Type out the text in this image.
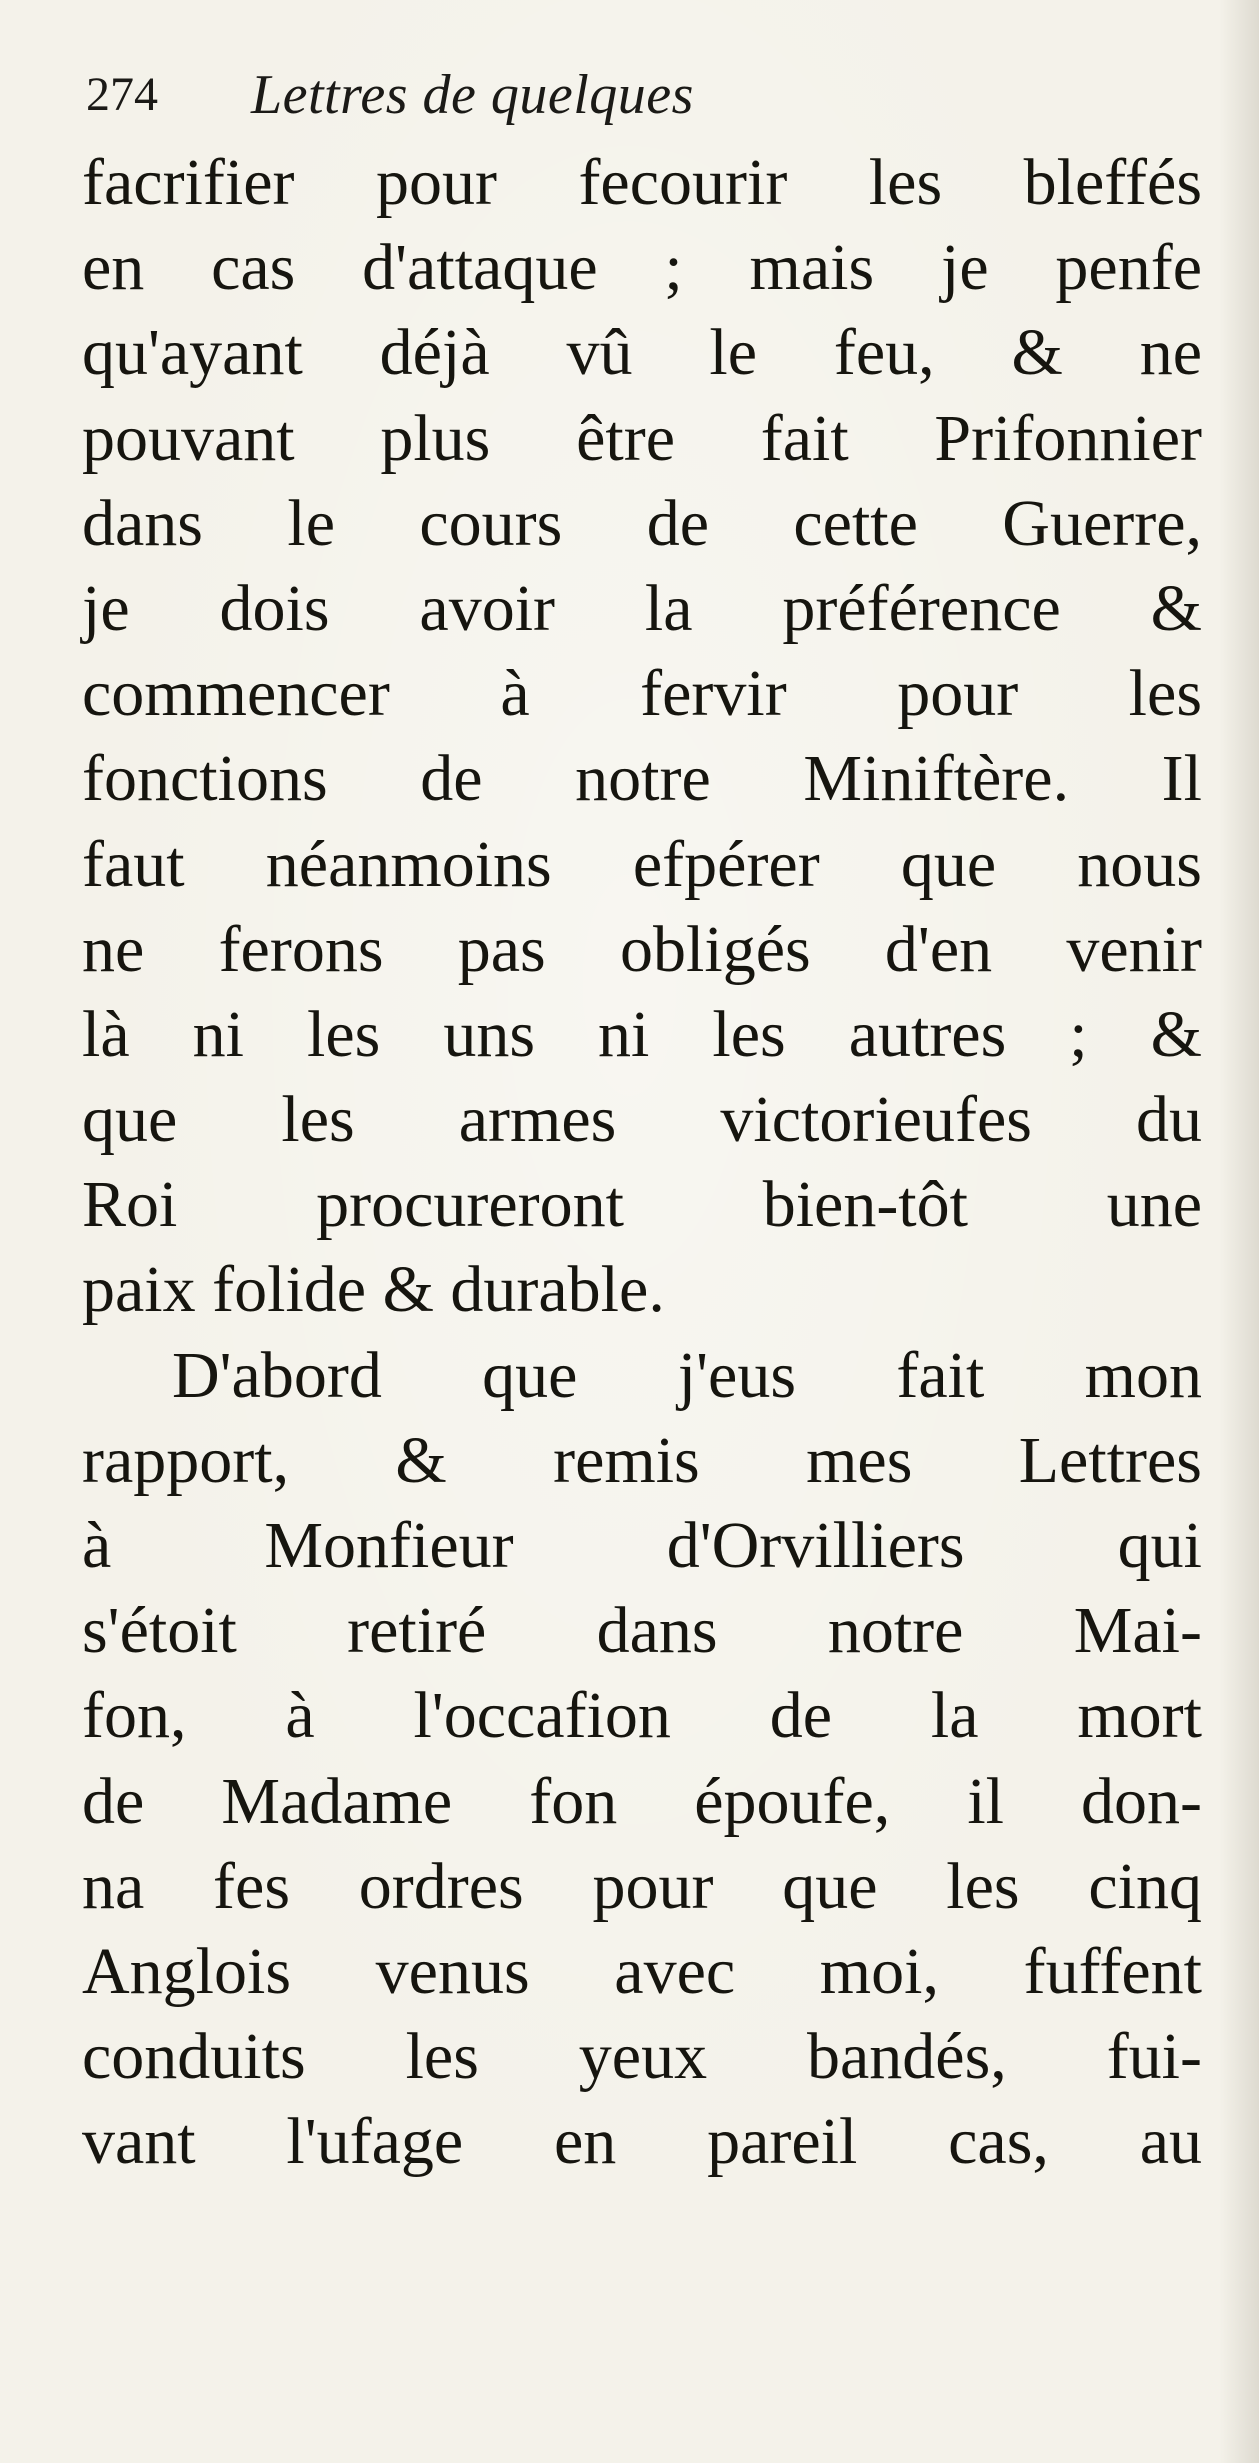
274 Lettres de quelques
facrifier pour fecourir les bleffés
en cas d'attaque ; mais je penfe
qu'ayant déjà vû le feu, & ne
pouvant plus être fait Prifonnier
dans le cours de cette Guerre,
je dois avoir la préférence &
commencer à fervir pour les
fonctions de notre Miniftère. Il
faut néanmoins efpérer que nous
ne ferons pas obligés d'en venir
là ni les uns ni les autres ; &
que les armes victorieufes du
Roi procureront bien-tôt une
paix folide & durable.
D'abord que j'eus fait mon
rapport, & remis mes Lettres
à Monfieur d'Orvilliers qui
s'étoit retiré dans notre Mai-
fon, à l'occafion de la mort
de Madame fon époufe, il don-
na fes ordres pour que les cinq
Anglois venus avec moi, fuffent
conduits les yeux bandés, fui-
vant l'ufage en pareil cas, au
